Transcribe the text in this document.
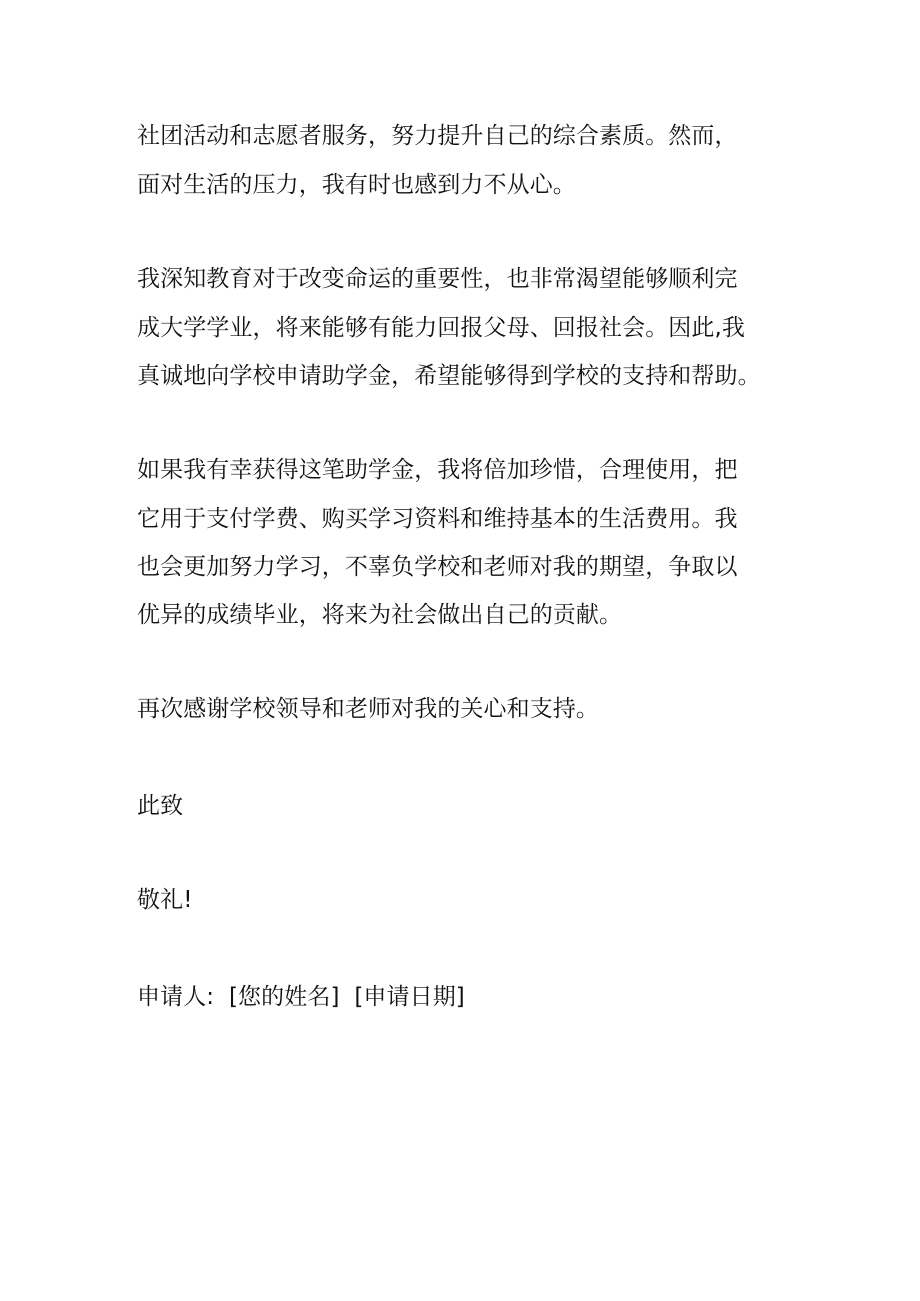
社团活动和志愿者服务，努力提升自己的综合素质。然而，
面对生活的压力，我有时也感到力不从心。
我深知教育对于改变命运的重要性，也非常渴望能够顺利完
成大学学业，将来能够有能力回报父母、回报社会。因此,我
真诚地向学校申请助学金，希望能够得到学校的支持和帮助。
如果我有幸获得这笔助学金，我将倍加珍惜，合理使用，把
它用于支付学费、购买学习资料和维持基本的生活费用。我
也会更加努力学习，不辜负学校和老师对我的期望，争取以
优异的成绩毕业，将来为社会做出自己的贡献。
再次感谢学校领导和老师对我的关心和支持。
此致
敬礼!
申请人:  [您的姓名]  [申请日期]
